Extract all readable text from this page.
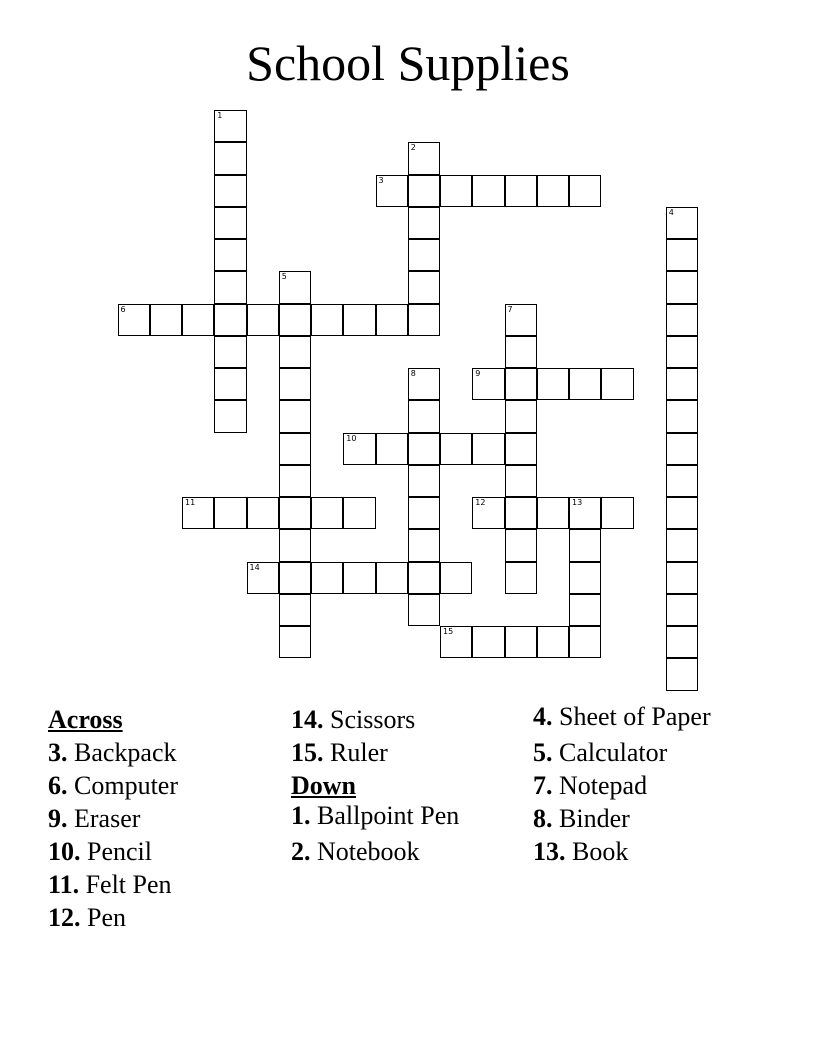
School Supplies
1
2
3
4
5
6	7
8	9
10
11	12	13
14
15
Across
3. Backpack
6. Computer
9. Eraser
10. Pencil
11. Felt Pen
12. Pen
14. Scissors
15. Ruler
Down
1. Ballpoint Pen
2. Notebook
4. Sheet of Paper
5. Calculator
7. Notepad
8. Binder
13. Book
